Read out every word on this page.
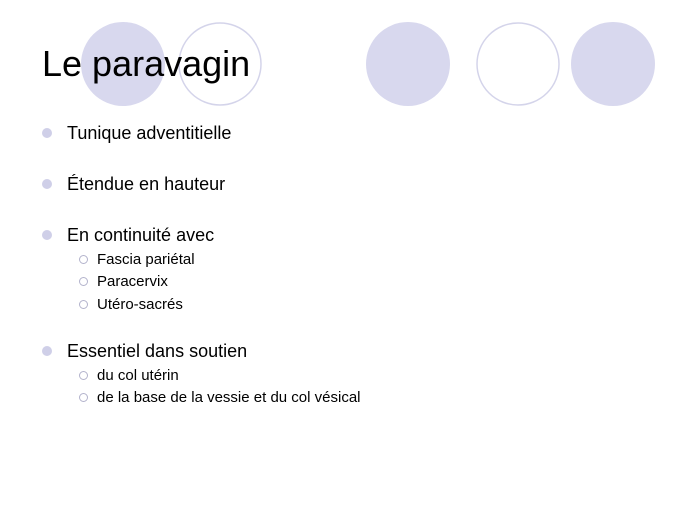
Le paravagin
Tunique adventitielle
Étendue en hauteur
En continuité avec
Fascia pariétal
Paracervix
Utéro-sacrés
Essentiel dans soutien
du col utérin
de la base de la vessie et du col vésical
